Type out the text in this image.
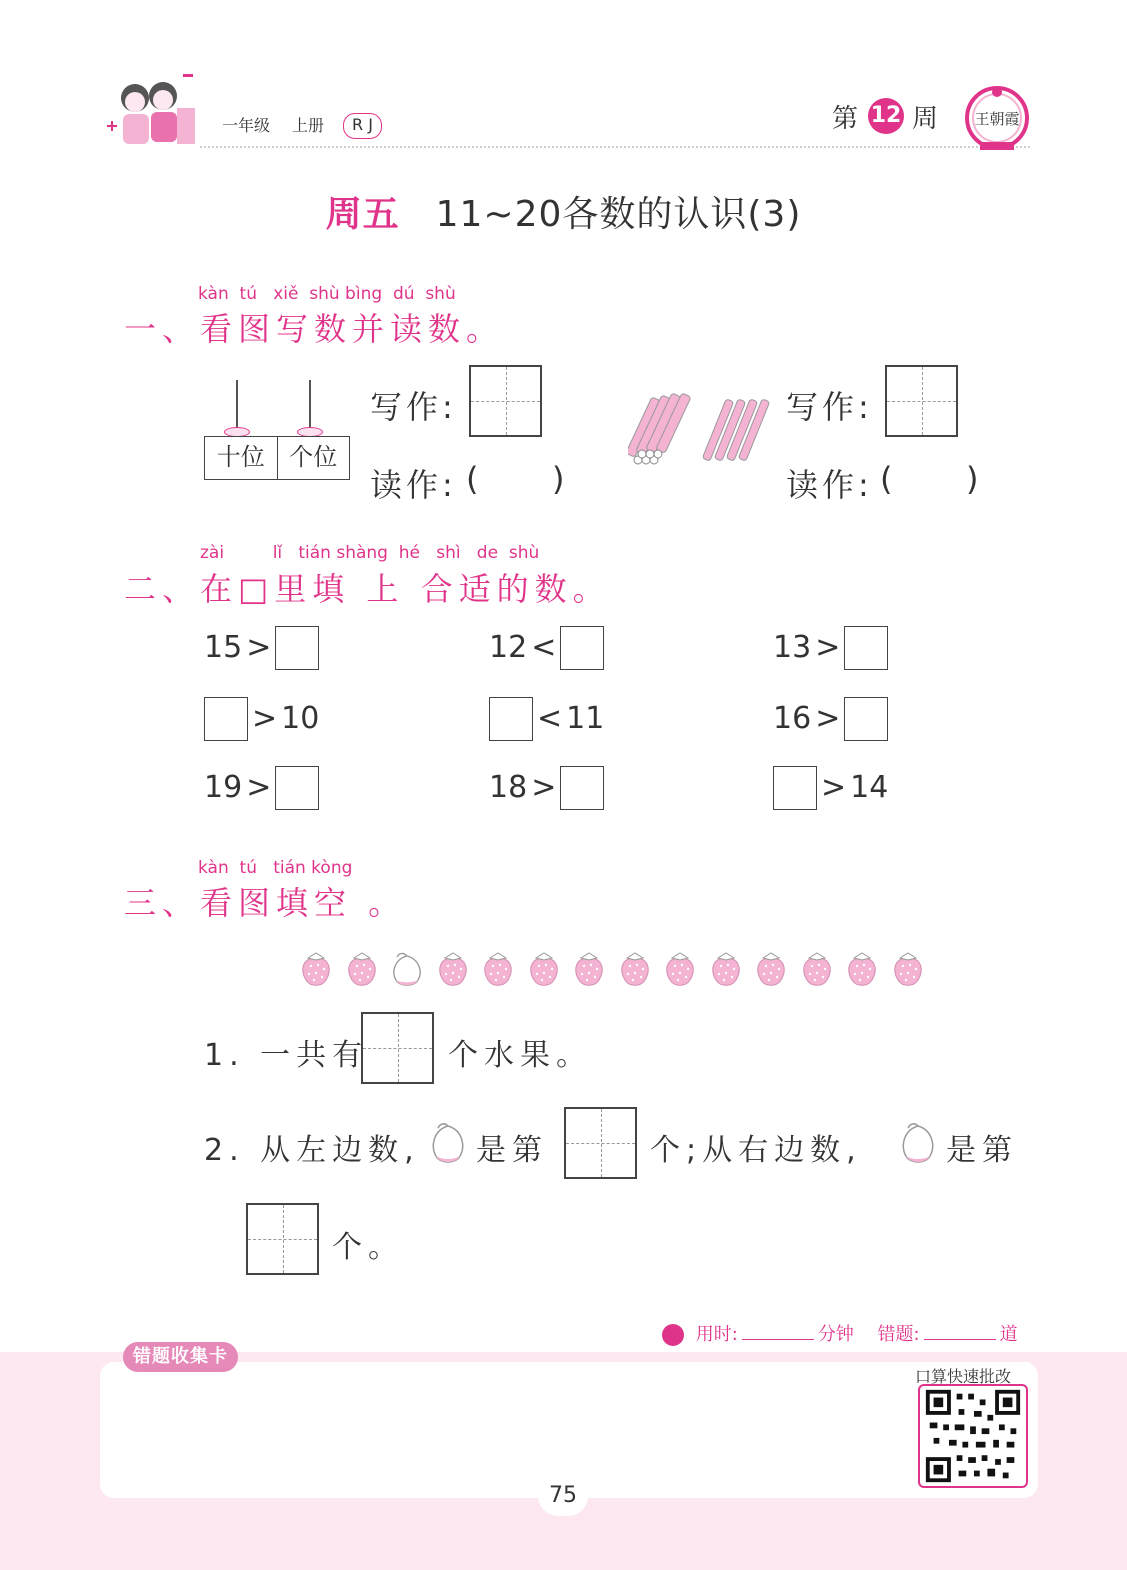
一年级 上册	R J	第 12 周 王朝霞
周五 11~20各数的认识(3)
kàn  tú   xiě  shù bìng  dú  shù
一、看图写数并读数。
十位	个位
写作:
读作: ( )
写作:
读作: ( )
zài         lǐ   tián shàng  hé   shì   de  shù
二、在□里填 上 合适的数。
15 >	12 <	13 >
> 10	< 11	16 >
19 >	18 >	> 14
kàn  tú   tián kòng
三、看图填空 。
1. 一共有	个水果。
2. 从左边数, 是第	个;从右边数,	是第
个。
用时:	分钟 错题:	道
错题收集卡
口算快速批改
75
